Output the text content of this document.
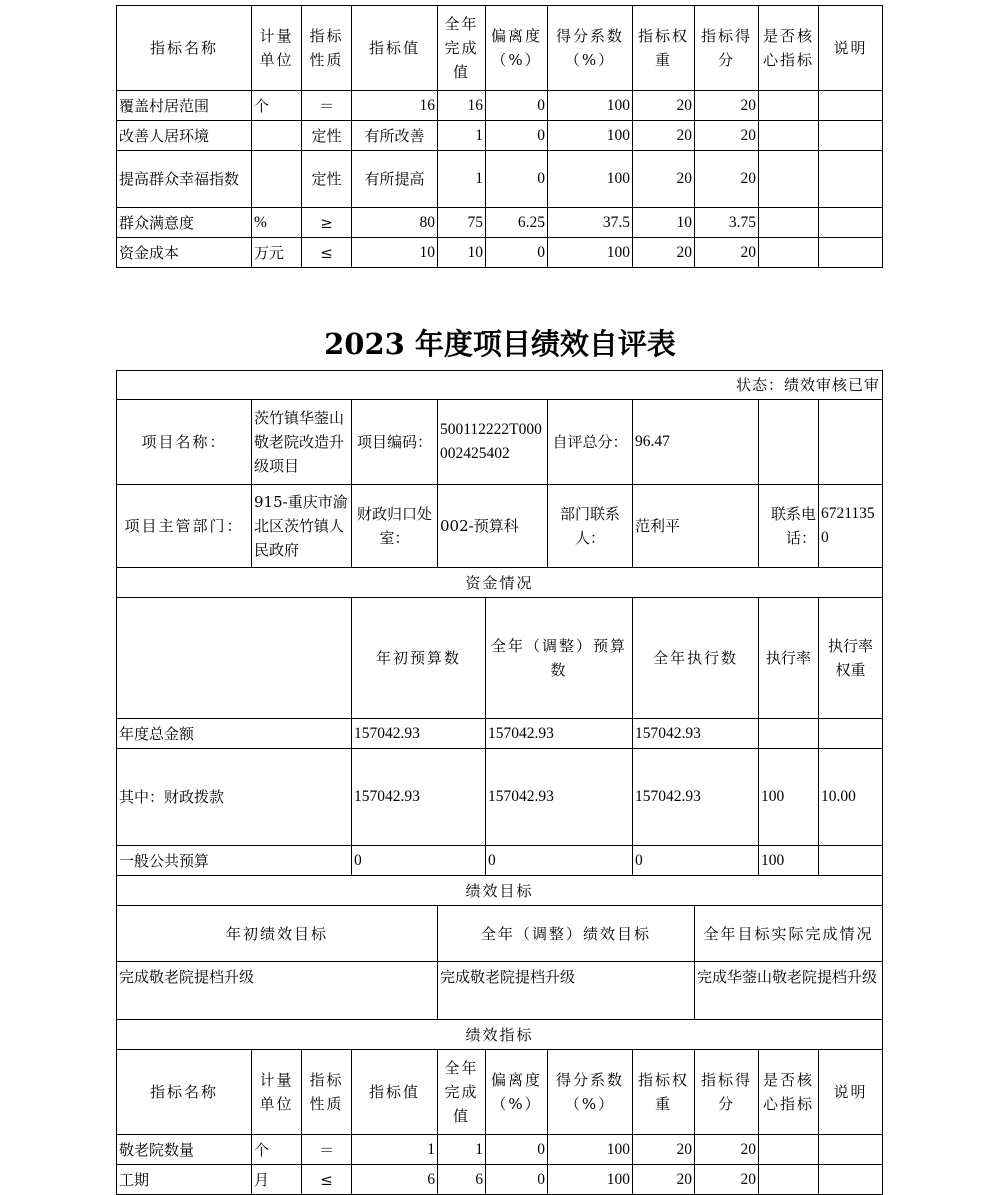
指标名称	计量单位	指标性质	指标值	全年完成值	偏离度（%）	得分系数（%）	指标权重	指标得分	是否核心指标	说明
覆盖村居范围	个	＝	16	16	0	100	20	20		
改善人居环境		定性	有所改善	1	0	100	20	20		
提高群众幸福指数		定性	有所提高	1	0	100	20	20		
群众满意度	%	≥	80	75	6.25	37.5	10	3.75		
资金成本	万元	≤	10	10	0	100	20	20		
2023 年度项目绩效自评表
状态：绩效审核已审											
项目名称：	茨竹镇华蓥山敬老院改造升级项目		项目编码：	500112222T000002425402		自评总分：	96.47				
项目主管部门：	915-重庆市渝北区茨竹镇人民政府		财政归口处室：	002-预算科		部门联系人：	范利平		联系电话：	67211350	
资金情况											
			年初预算数		全年（调整）预算数		全年执行数		执行率	执行率权重	
年度总金额			157042.93		157042.93		157042.93				
其中：财政拨款			157042.93		157042.93		157042.93		100	10.00	
一般公共预算			0		0		0		100		
绩效目标											
年初绩效目标				全年（调整）绩效目标				全年目标实际完成情况			
完成敬老院提档升级				完成敬老院提档升级				完成华蓥山敬老院提档升级			
绩效指标											
指标名称	计量单位	指标性质	指标值	全年完成值	偏离度（%）	得分系数（%）	指标权重	指标得分	是否核心指标	说明	
敬老院数量	个	＝	1	1	0	100	20	20			
工期	月	≤	6	6	0	100	20	20			
